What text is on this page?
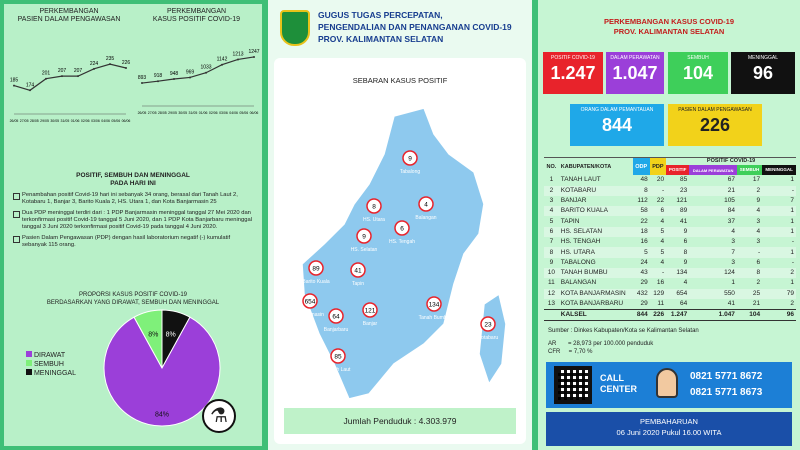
185
174
201 207 207
224
235
226
26/05 27/05 28/05 29/05 30/05 31/05 01/06 02/06 03/06 04/06 05/06 06/06
893 918 948 969
1033
1142
1213 1247
26/05 27/05 28/05 29/05 30/05 31/05 01/06 02/06 03/06 04/06 05/06 06/06
PERKEMBANGAN
PASIEN DALAM PENGAWASAN
PERKEMBANGAN
KASUS POSITIF COVID-19
POSITIF, SEMBUH DAN MENINGGAL
PADA HARI INI
Penambahan positif Covid-19 hari ini sebanyak 34 orang, berasal dari Tanah Laut 2, Kotabaru 1, Banjar 3, Barito Kuala 2, HS. Utara 1, dan Kota Banjarmasin 25
Dua PDP meninggal terdiri dari : 1 PDP Banjarmasin meninggal tanggal 27 Mei 2020 dan terkonfirmasi positif Covid-19 tanggal 5 Juni 2020, dan 1 PDP Kota Banjarbaru meninggal tanggal 3 Juni 2020 terkonfirmasi positif Covid-19 pada tanggal 4 Juni 2020.
Pasien Dalam Pengawasan (PDP) dengan hasil laboratorium negatif (-) kumulatif sebanyak 115 orang.
PROPORSI KASUS POSITIF COVID-19
BERDASARKAN YANG DIRAWAT, SEMBUH DAN MENINGGAL
8%
84%
8%
DIRAWAT
SEMBUH
MENINGGAL
⚗
GUGUS TUGAS PERCEPATAN,
PENGENDALIAN DAN PENANGANAN COVID-19
PROV. KALIMANTAN SELATAN
SEBARAN KASUS POSITIF
9
Tabalong
8
HS. Utara
4
Balangan
6
HS. Tengah
9
HS. Selatan
89
Barito Kuala
41
Tapin
654
Banjarmasin 64
Banjarbaru
121
Banjar
134
Tanah Bumbu
23
Kotabaru
85
Tanah Laut
Jumlah Penduduk : 4.303.979
PERKEMBANGAN KASUS COVID-19
PROV. KALIMANTAN SELATAN
POSITIF COVID-19
1.247
DALAM PERAWATAN
1.047
SEMBUH
104
MENINGGAL
96
ORANG DALAM PEMANTAUAN
844
PASIEN DALAM PENGAWASAN
226
NO.	KABUPATEN/KOTA	ODP	PDP	POSITIF COVID-19			
				POSITIF	DALAM PERAWATAN	SEMBUH	MENINGGAL
1	TANAH LAUT	48	20	85	67	17	1
2	KOTABARU	8	-	23	21	2	-
3	BANJAR	112	22	121	105	9	7
4	BARITO KUALA	58	6	89	84	4	1
5	TAPIN	22	4	41	37	3	1
6	HS. SELATAN	18	5	9	4	4	1
7	HS. TENGAH	16	4	6	3	3	-
8	HS. UTARA	5	5	8	7	-	1
9	TABALONG	24	4	9	3	6	-
10	TANAH BUMBU	43	-	134	124	8	2
11	BALANGAN	29	16	4	1	2	1
12	KOTA BANJARMASIN	432	129	654	550	25	79
13	KOTA BANJARBARU	29	11	64	41	21	2
	KALSEL	844	226	1.247	1.047	104	96
Sumber : Dinkes Kabupaten/Kota se Kalimantan Selatan
AR       = 28,973 per 100.000 penduduk
CFR     = 7,70 %
CALL
CENTER
0821 5771 8672
0821 5771 8673
PEMBAHARUAN
06 Juni 2020 Pukul 16.00 WITA
